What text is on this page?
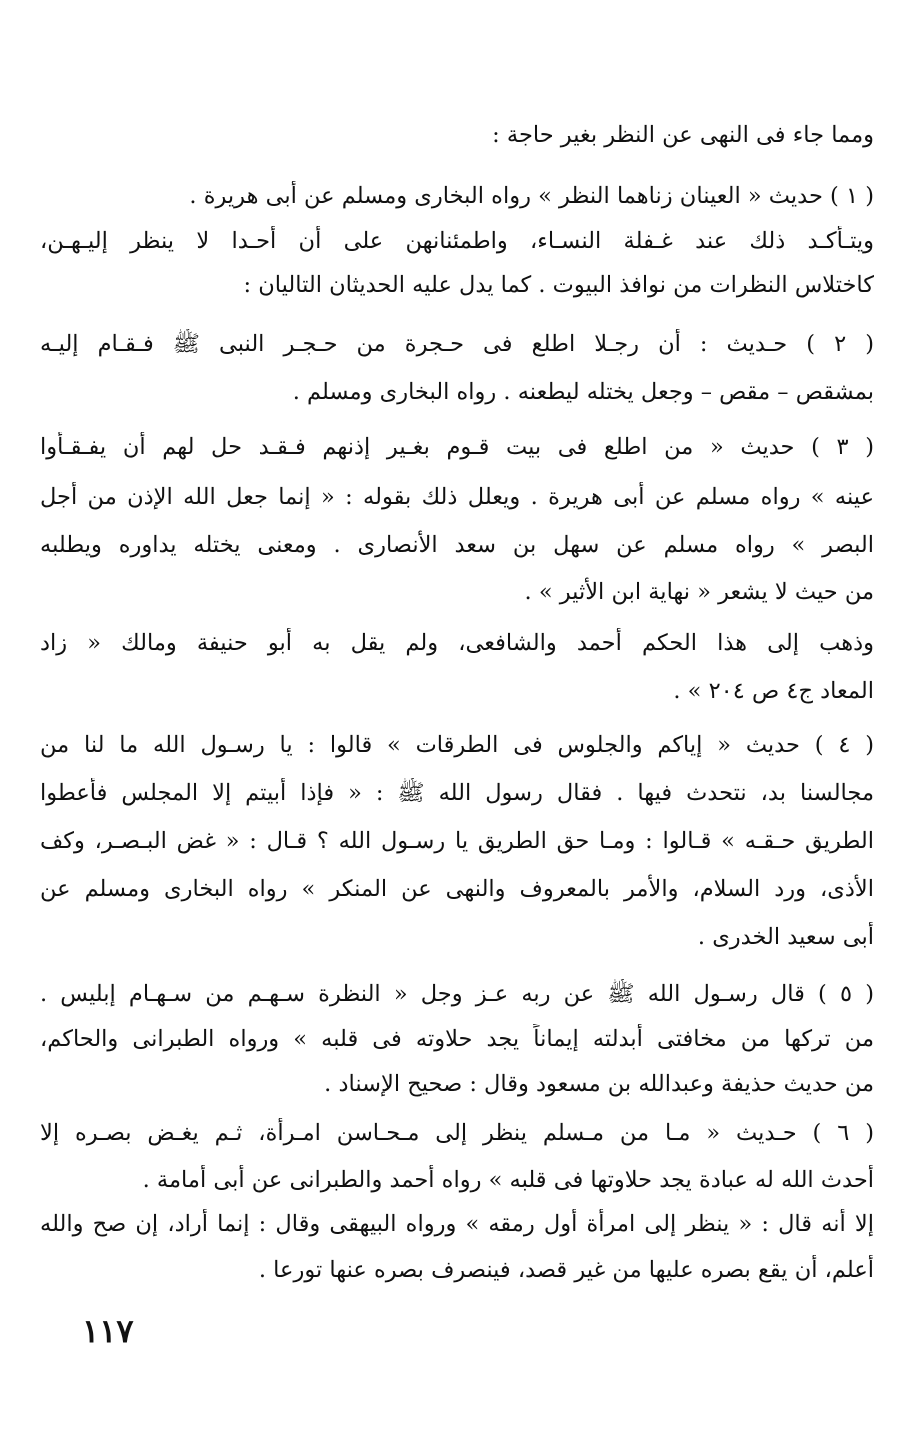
ومما جاء فى النهى عن النظر بغير حاجة :
( ١ ) حديث « العينان زناهما النظر » رواه البخارى ومسلم عن أبى هريرة .
ويتـأكـد ذلك عند غـفلة النسـاء، واطمئنانهن على أن أحـدا لا ينظر إليـهـن،
كاختلاس النظرات من نوافذ البيوت . كما يدل عليه الحديثان التاليان :
( ٢ ) حـديث : أن رجـلا اطلع فى حـجرة من حـجـر النبى ﷺ فـقـام إليـه
بمشقص – مقص – وجعل يختله ليطعنه . رواه البخارى ومسلم .
( ٣ ) حديث « من اطلع فى بيت قـوم بغـير إذنهم فـقـد حل لهم أن يفـقـأوا
عينه » رواه مسلم عن أبى هريرة . ويعلل ذلك بقوله : « إنما جعل الله الإذن من أجل
البصر » رواه مسلم عن سهل بن سعد الأنصارى . ومعنى يختله يداوره ويطلبه
من حيث لا يشعر « نهاية ابن الأثير » .
وذهب إلى هذا الحكم أحمد والشافعى، ولم يقل به أبو حنيفة ومالك « زاد
المعاد ج٤ ص ٢٠٤ » .
( ٤ ) حديث « إياكم والجلوس فى الطرقات » قالوا : يا رسـول الله ما لنا من
مجالسنا بد، نتحدث فيها . فقال رسول الله ﷺ : « فإذا أبيتم إلا المجلس فأعطوا
الطريق حـقـه » قـالوا : ومـا حق الطريق يا رسـول الله ؟ قـال : « غض البـصـر، وكف
الأذى، ورد السلام، والأمر بالمعروف والنهى عن المنكر » رواه البخارى ومسلم عن
أبى سعيد الخدرى .
( ٥ ) قال رسـول الله ﷺ عن ربه عـز وجل « النظرة سـهـم من سـهـام إبليس .
من تركها من مخافتى أبدلته إيماناً يجد حلاوته فى قلبه » ورواه الطبرانى والحاكم،
من حديث حذيفة وعبدالله بن مسعود وقال : صحيح الإسناد .
( ٦ ) حـديث « مـا من مـسلم ينظر إلى مـحـاسن امـرأة، ثـم يغـض بصـره إلا
أحدث الله له عبادة يجد حلاوتها فى قلبه » رواه أحمد والطبرانى عن أبى أمامة .
إلا أنه قال : « ينظر إلى امرأة أول رمقه » ورواه البيهقى وقال : إنما أراد، إن صح والله
أعلم، أن يقع بصره عليها من غير قصد، فينصرف بصره عنها تورعا .
١١٧
